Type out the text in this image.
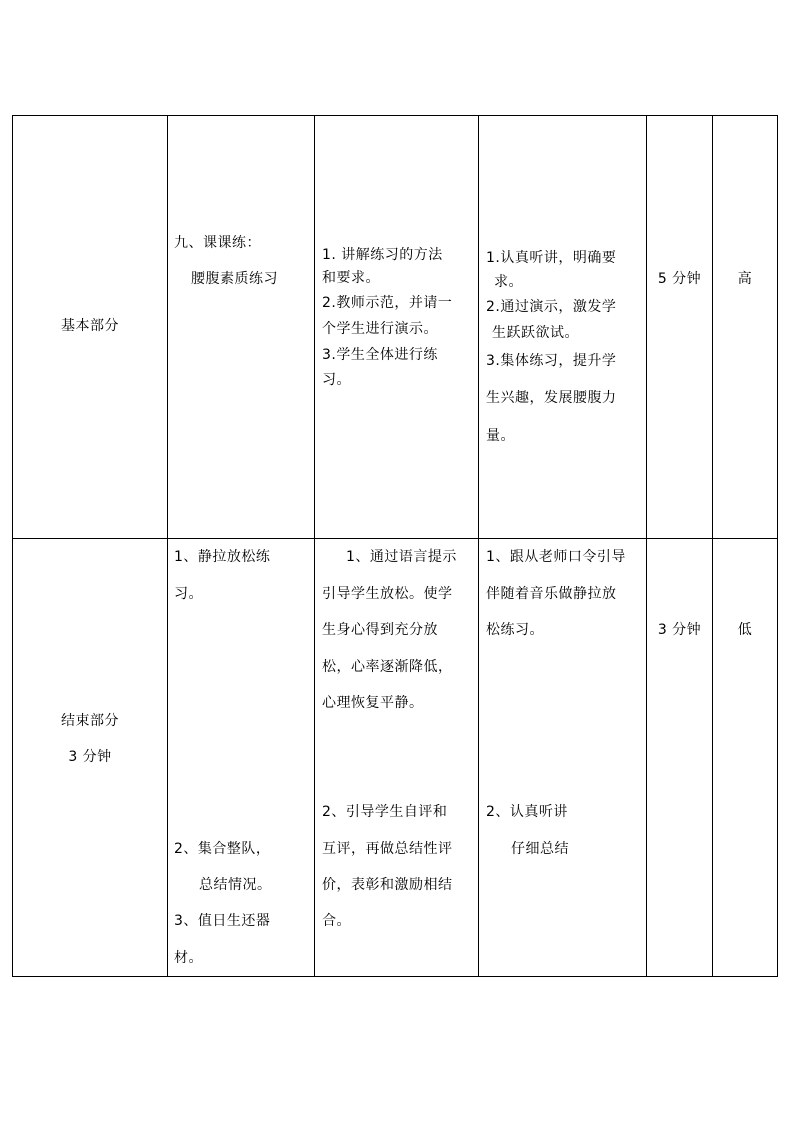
基本部分
九、课课练：
腰腹素质练习
1. 讲解练习的方法
和要求。
2.教师示范，并请一
个学生进行演示。
3.学生全体进行练
习。
1.认真听讲，明确要
求。
2.通过演示，激发学
生跃跃欲试。
3.集体练习，提升学
生兴趣，发展腰腹力
量。
5 分钟	高
结束部分
3 分钟
1、静拉放松练
习。
2、集合整队，
总结情况。
3、值日生还器
材。
1、通过语言提示
引导学生放松。使学
生身心得到充分放
松，心率逐渐降低，
心理恢复平静。
2、引导学生自评和
互评，再做总结性评
价，表彰和激励相结
合。
1、跟从老师口令引导
伴随着音乐做静拉放
松练习。
2、认真听讲
仔细总结
3 分钟	低
